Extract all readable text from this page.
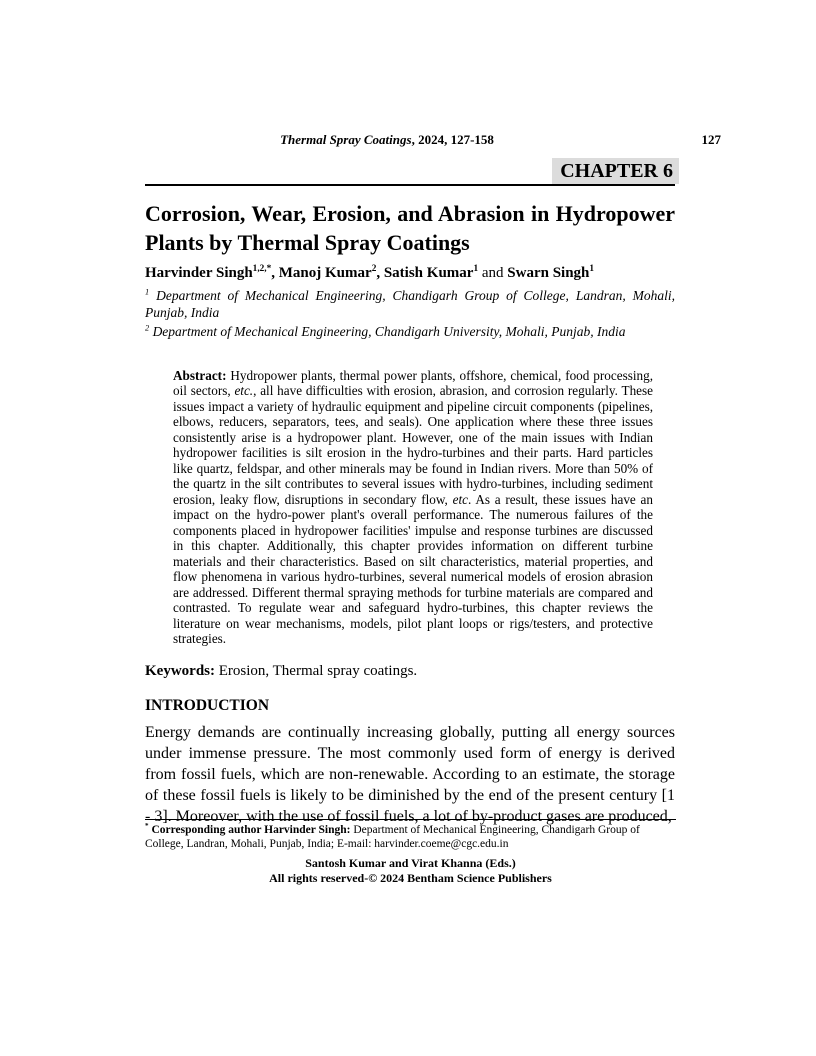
Thermal Spray Coatings, 2024, 127-158	127
CHAPTER 6
Corrosion, Wear, Erosion, and Abrasion in Hydropower Plants by Thermal Spray Coatings

Harvinder Singh$^{1,2,*}$, Manoj Kumar$^2$, Satish Kumar$^1$ and Swarn Singh$^1$

$^1$ Department of Mechanical Engineering, Chandigarh Group of College, Landran, Mohali, Punjab, India

$^2$ Department of Mechanical Engineering, Chandigarh University, Mohali, Punjab, India

Abstract: Hydropower plants, thermal power plants, offshore, chemical, food processing, oil sectors, etc., all have difficulties with erosion, abrasion, and corrosion regularly. These issues impact a variety of hydraulic equipment and pipeline circuit components (pipelines, elbows, reducers, separators, tees, and seals). One application where these three issues consistently arise is a hydropower plant. However, one of the main issues with Indian hydropower facilities is silt erosion in the hydro-turbines and their parts. Hard particles like quartz, feldspar, and other minerals may be found in Indian rivers. More than 50% of the quartz in the silt contributes to several issues with hydro-turbines, including sediment erosion, leaky flow, disruptions in secondary flow, etc. As a result, these issues have an impact on the hydro-power plant's overall performance. The numerous failures of the components placed in hydropower facilities' impulse and response turbines are discussed in this chapter. Additionally, this chapter provides information on different turbine materials and their characteristics. Based on silt characteristics, material properties, and flow phenomena in various hydro-turbines, several numerical models of erosion abrasion are addressed. Different thermal spraying methods for turbine materials are compared and contrasted. To regulate wear and safeguard hydro-turbines, this chapter reviews the literature on wear mechanisms, models, pilot plant loops or rigs/testers, and protective strategies.

Keywords: Erosion, Thermal spray coatings.

INTRODUCTION

Energy demands are continually increasing globally, putting all energy sources under immense pressure. The most commonly used form of energy is derived from fossil fuels, which are non-renewable. According to an estimate, the storage of these fossil fuels is likely to be diminished by the end of the present century [1 - 3]. Moreover, with the use of fossil fuels, a lot of by-product gases are produced,

* Corresponding author Harvinder Singh: Department of Mechanical Engineering, Chandigarh Group of College, Landran, Mohali, Punjab, India; E-mail: harvinder.coeme@cgc.edu.in

Santosh Kumar and Virat Khanna (Eds.)
All rights reserved-© 2024 Bentham Science Publishers
